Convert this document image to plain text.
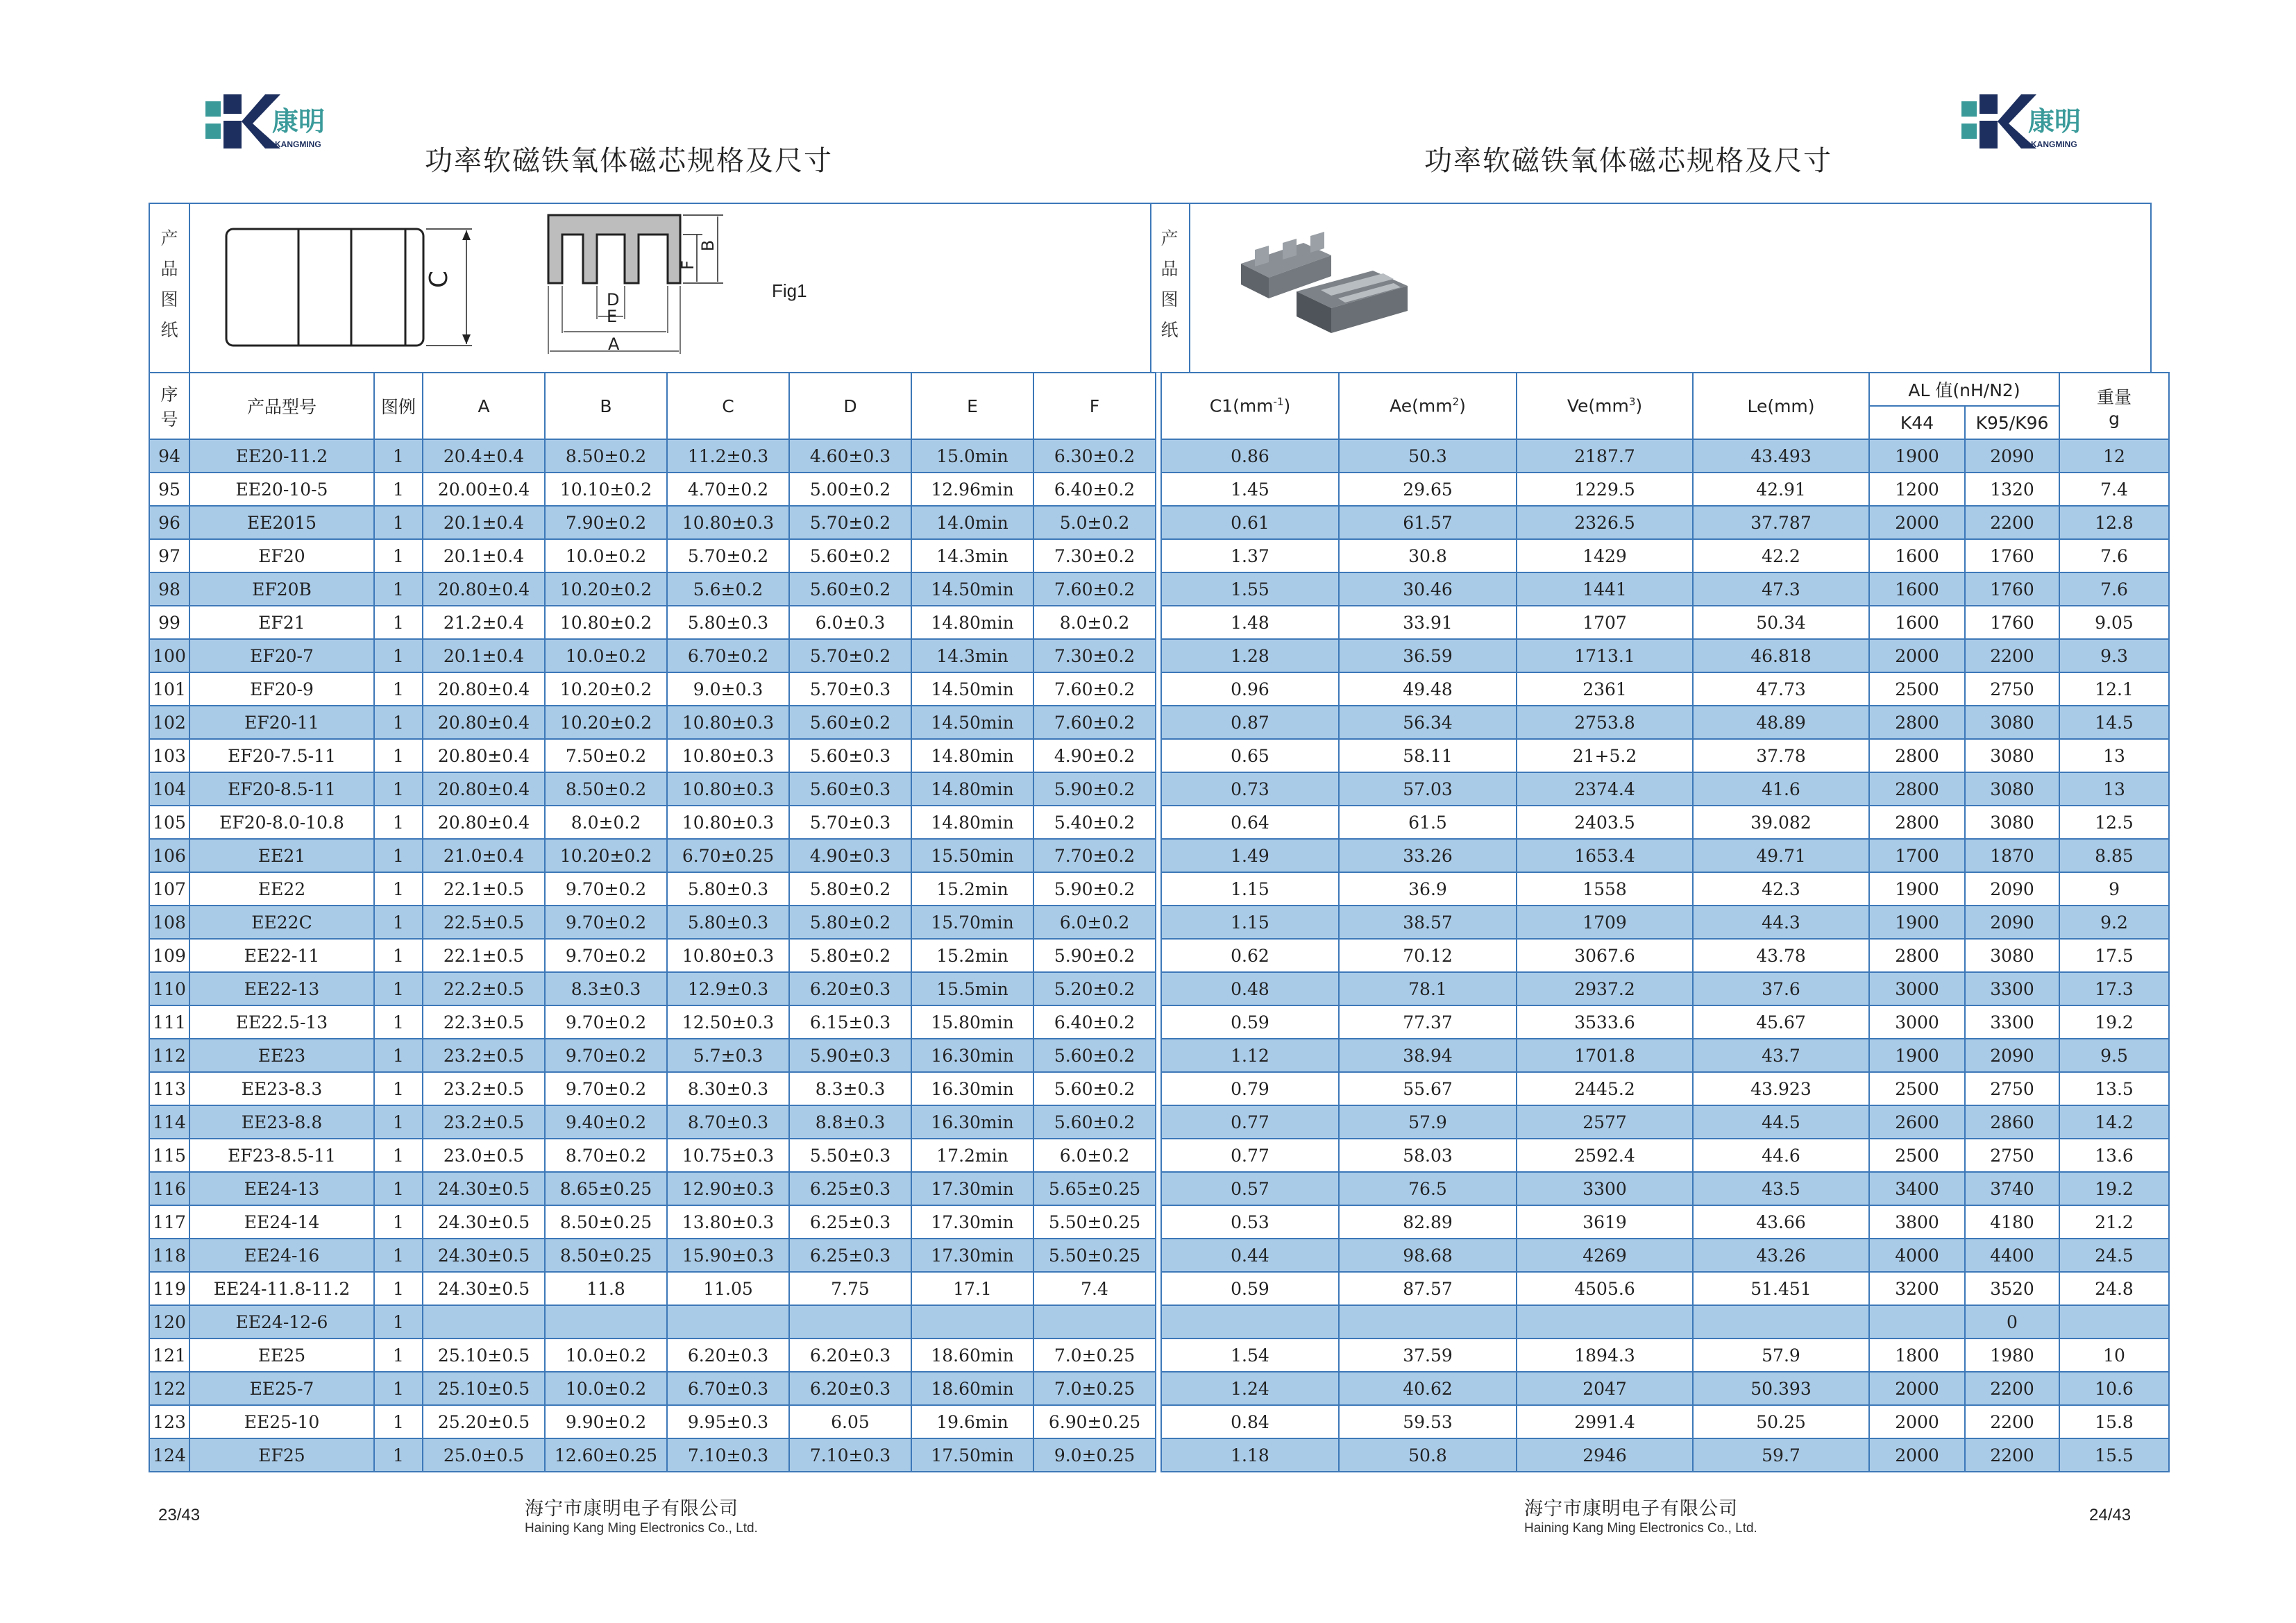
康明
KANGMING
康明
KANGMING
功率软磁铁氧体磁芯规格及尺寸	功率软磁铁氧体磁芯规格及尺寸
产品图纸
产品图纸
C
B
F
D
E
A
Fig1
序号	产品型号	图例	A	B	C	D	E	F		$C1(mm^{-1})$	$Ae(mm^2)$	$Ve(mm^3)$	Le(mm)	AL 值(nH/N2)		重量
g

														K44	K95/K96	
94	EE20-11.2	1	20.4±0.4	8.50±0.2	11.2±0.3	4.60±0.3	15.0min	6.30±0.2		0.86	50.3	2187.7	43.493	1900	2090	12
95	EE20-10-5	1	20.00±0.4	10.10±0.2	4.70±0.2	5.00±0.2	12.96min	6.40±0.2		1.45	29.65	1229.5	42.91	1200	1320	7.4
96	EE2015	1	20.1±0.4	7.90±0.2	10.80±0.3	5.70±0.2	14.0min	5.0±0.2		0.61	61.57	2326.5	37.787	2000	2200	12.8
97	EF20	1	20.1±0.4	10.0±0.2	5.70±0.2	5.60±0.2	14.3min	7.30±0.2		1.37	30.8	1429	42.2	1600	1760	7.6
98	EF20B	1	20.80±0.4	10.20±0.2	5.6±0.2	5.60±0.2	14.50min	7.60±0.2		1.55	30.46	1441	47.3	1600	1760	7.6
99	EF21	1	21.2±0.4	10.80±0.2	5.80±0.3	6.0±0.3	14.80min	8.0±0.2		1.48	33.91	1707	50.34	1600	1760	9.05
100	EF20-7	1	20.1±0.4	10.0±0.2	6.70±0.2	5.70±0.2	14.3min	7.30±0.2		1.28	36.59	1713.1	46.818	2000	2200	9.3
101	EF20-9	1	20.80±0.4	10.20±0.2	9.0±0.3	5.70±0.3	14.50min	7.60±0.2		0.96	49.48	2361	47.73	2500	2750	12.1
102	EF20-11	1	20.80±0.4	10.20±0.2	10.80±0.3	5.60±0.2	14.50min	7.60±0.2		0.87	56.34	2753.8	48.89	2800	3080	14.5
103	EF20-7.5-11	1	20.80±0.4	7.50±0.2	10.80±0.3	5.60±0.3	14.80min	4.90±0.2		0.65	58.11	21+5.2	37.78	2800	3080	13
104	EF20-8.5-11	1	20.80±0.4	8.50±0.2	10.80±0.3	5.60±0.3	14.80min	5.90±0.2		0.73	57.03	2374.4	41.6	2800	3080	13
105	EF20-8.0-10.8	1	20.80±0.4	8.0±0.2	10.80±0.3	5.70±0.3	14.80min	5.40±0.2		0.64	61.5	2403.5	39.082	2800	3080	12.5
106	EE21	1	21.0±0.4	10.20±0.2	6.70±0.25	4.90±0.3	15.50min	7.70±0.2		1.49	33.26	1653.4	49.71	1700	1870	8.85
107	EE22	1	22.1±0.5	9.70±0.2	5.80±0.3	5.80±0.2	15.2min	5.90±0.2		1.15	36.9	1558	42.3	1900	2090	9
108	EE22C	1	22.5±0.5	9.70±0.2	5.80±0.3	5.80±0.2	15.70min	6.0±0.2		1.15	38.57	1709	44.3	1900	2090	9.2
109	EE22-11	1	22.1±0.5	9.70±0.2	10.80±0.3	5.80±0.2	15.2min	5.90±0.2		0.62	70.12	3067.6	43.78	2800	3080	17.5
110	EE22-13	1	22.2±0.5	8.3±0.3	12.9±0.3	6.20±0.3	15.5min	5.20±0.2		0.48	78.1	2937.2	37.6	3000	3300	17.3
111	EE22.5-13	1	22.3±0.5	9.70±0.2	12.50±0.3	6.15±0.3	15.80min	6.40±0.2		0.59	77.37	3533.6	45.67	3000	3300	19.2
112	EE23	1	23.2±0.5	9.70±0.2	5.7±0.3	5.90±0.3	16.30min	5.60±0.2		1.12	38.94	1701.8	43.7	1900	2090	9.5
113	EE23-8.3	1	23.2±0.5	9.70±0.2	8.30±0.3	8.3±0.3	16.30min	5.60±0.2		0.79	55.67	2445.2	43.923	2500	2750	13.5
114	EE23-8.8	1	23.2±0.5	9.40±0.2	8.70±0.3	8.8±0.3	16.30min	5.60±0.2		0.77	57.9	2577	44.5	2600	2860	14.2
115	EF23-8.5-11	1	23.0±0.5	8.70±0.2	10.75±0.3	5.50±0.3	17.2min	6.0±0.2		0.77	58.03	2592.4	44.6	2500	2750	13.6
116	EE24-13	1	24.30±0.5	8.65±0.25	12.90±0.3	6.25±0.3	17.30min	5.65±0.25		0.57	76.5	3300	43.5	3400	3740	19.2
117	EE24-14	1	24.30±0.5	8.50±0.25	13.80±0.3	6.25±0.3	17.30min	5.50±0.25		0.53	82.89	3619	43.66	3800	4180	21.2
118	EE24-16	1	24.30±0.5	8.50±0.25	15.90±0.3	6.25±0.3	17.30min	5.50±0.25		0.44	98.68	4269	43.26	4000	4400	24.5
119	EE24-11.8-11.2	1	24.30±0.5	11.8	11.05	7.75	17.1	7.4		0.59	87.57	4505.6	51.451	3200	3520	24.8
120	EE24-12-6	1													0	
121	EE25	1	25.10±0.5	10.0±0.2	6.20±0.3	6.20±0.3	18.60min	7.0±0.25		1.54	37.59	1894.3	57.9	1800	1980	10
122	EE25-7	1	25.10±0.5	10.0±0.2	6.70±0.3	6.20±0.3	18.60min	7.0±0.25		1.24	40.62	2047	50.393	2000	2200	10.6
123	EE25-10	1	25.20±0.5	9.90±0.2	9.95±0.3	6.05	19.6min	6.90±0.25		0.84	59.53	2991.4	50.25	2000	2200	15.8
124	EF25	1	25.0±0.5	12.60±0.25	7.10±0.3	7.10±0.3	17.50min	9.0±0.25		1.18	50.8	2946	59.7	2000	2200	15.5
23/43	海宁市康明电子有限公司
Haining Kang Ming Electronics Co., Ltd.
海宁市康明电子有限公司
Haining Kang Ming Electronics Co., Ltd.
24/43
